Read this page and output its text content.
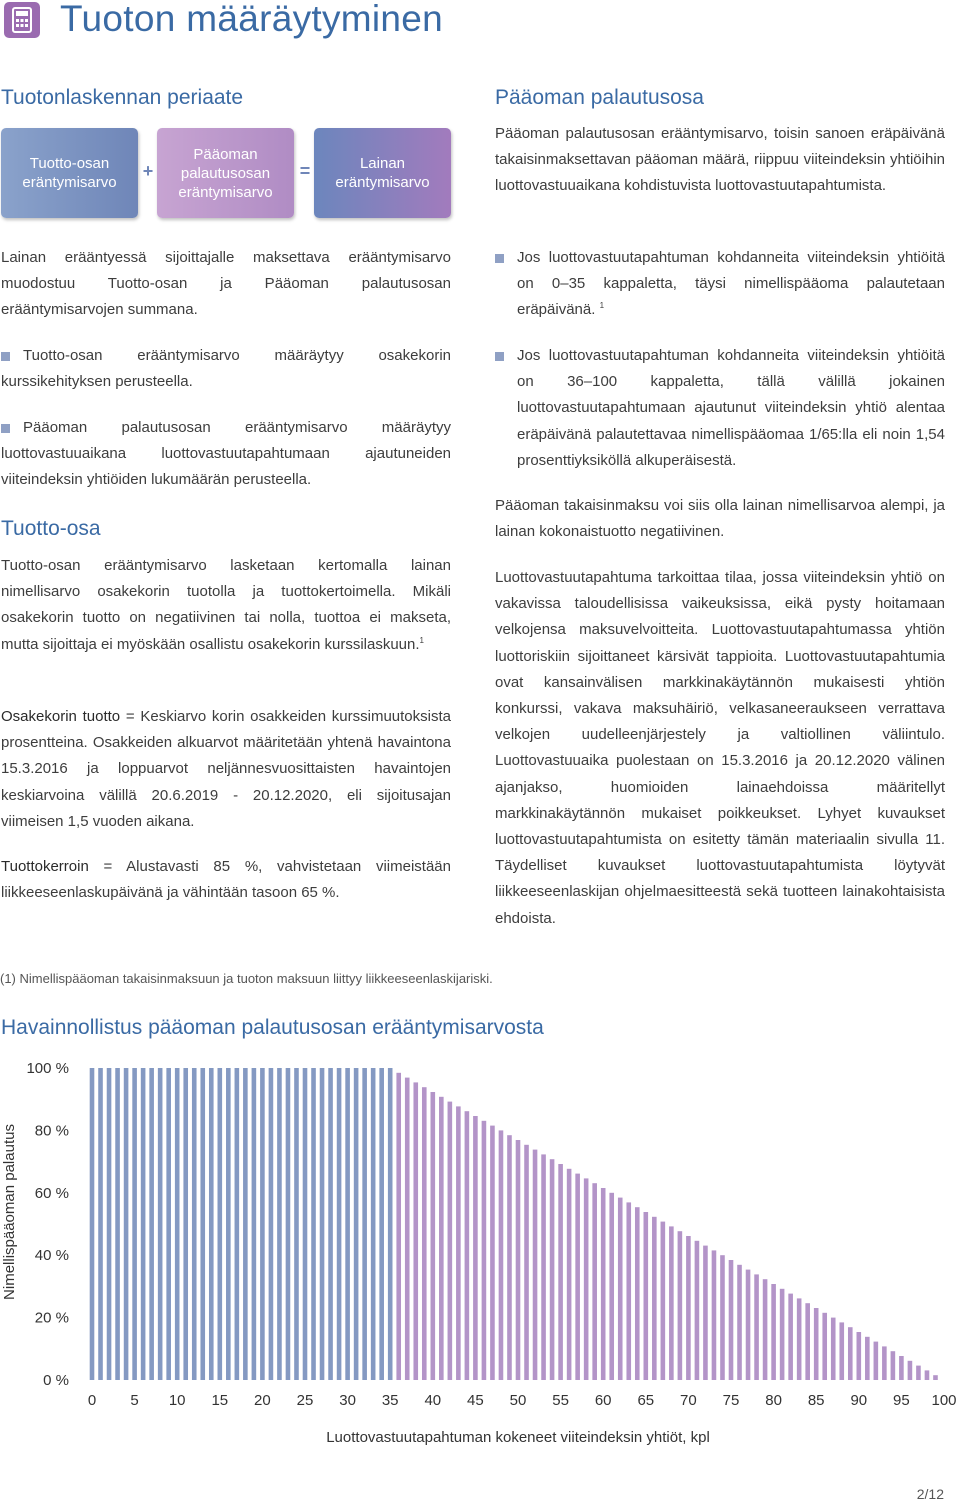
Tuoton määräytyminen
Tuotonlaskennan periaate
Tuotto-osan
eräntymisarvo
+
Pääoman
palautusosan
eräntymisarvo
=	Lainan
eräntymisarvo

Lainan erääntyessä sijoittajalle maksettava erääntymisarvo muodostuu Tuotto-osan ja Pääoman palautusosan erääntymisarvojen summana.

Tuotto-osan erääntymisarvo määräytyy osakekorin kurssikehityksen perusteella.

Pääoman palautusosan erääntymisarvo määräytyy luottovastuuaikana luottovastuutapahtumaan ajautuneiden viiteindeksin yhtiöiden lukumäärän perusteella.

Tuotto-osa

Tuotto-osan erääntymisarvo lasketaan kertomalla lainan nimellisarvo osakekorin tuotolla ja tuottokertoimella. Mikäli osakekorin tuotto on negatiivinen tai nolla, tuottoa ei makseta, mutta sijoittaja ei myöskään osallistu osakekorin kurssilaskuun.$^1$

Osakekorin tuotto = Keskiarvo korin osakkeiden kurssimuutoksista prosentteina. Osakkeiden alkuarvot määritetään yhtenä havaintona 15.3.2016 ja loppuarvot neljännesvuosittaisten havaintojen keskiarvoina välillä 20.6.2019 - 20.12.2020, eli sijoitusajan viimeisen 1,5 vuoden aikana.

Tuottokerroin = Alustavasti 85 %, vahvistetaan viimeistään liikkeeseenlaskupäivänä ja vähintään tasoon 65 %.

Pääoman palautusosa

Pääoman palautusosan erääntymisarvo, toisin sanoen eräpäivänä takaisinmaksettavan pääoman määrä, riippuu viiteindeksin yhtiöihin luottovastuuaikana kohdistuvista luottovastuutapahtumista.

Jos luottovastuutapahtuman kohdanneita viiteindeksin yhtiöitä on 0–35 kappaletta, täysi nimellispääoma palautetaan eräpäivänä. $^1$

Jos luottovastuutapahtuman kohdanneita viiteindeksin yhtiöitä on 36–100 kappaletta, tällä välillä jokainen luottovastuutapahtumaan ajautunut viiteindeksin yhtiö alentaa eräpäivänä palautettavaa nimellispääomaa 1/65:lla eli noin 1,54 prosenttiyksiköllä alkuperäisestä.

Pääoman takaisinmaksu voi siis olla lainan nimellisarvoa alempi, ja lainan kokonaistuotto negatiivinen.

Luottovastuutapahtuma tarkoittaa tilaa, jossa viiteindeksin yhtiö on vakavissa taloudellisissa vaikeuksissa, eikä pysty hoitamaan velkojensa maksuvelvoitteita. Luottovastuutapahtumassa yhtiön luottoriskiin sijoittaneet kärsivät tappioita. Luottovastuutapahtumia ovat kansainvälisen markkinakäytännön mukaisesti yhtiön konkurssi, vakava maksuhäiriö, velkasaneeraukseen verrattava velkojen uudelleenjärjestely ja valtiollinen väliintulo. Luottovastuuaika puolestaan on 15.3.2016 ja 20.12.2020 välinen ajanjakso, huomioiden lainaehdoissa määritellyt markkinakäytännön mukaiset poikkeukset. Lyhyet kuvaukset luottovastuutapahtumista on esitetty tämän materiaalin sivulla 11. Täydelliset kuvaukset luottovastuutapahtumista löytyvät liikkeeseenlaskijan ohjelmaesitteestä sekä tuotteen lainakohtaisista ehdoista.

(1) Nimellispääoman takaisinmaksuun ja tuoton maksuun liittyy liikkeeseenlaskijariski.

Havainnollistus pääoman palautusosan erääntymisarvosta
0 %
20 %
40 %
60 %
80 %
100 %
0 5 10 15 20 25 30 35 40 45 50 55 60 65 70 75 80 85 90 95 100
Nimellispääoman palautus
Luottovastuutapahtuman kokeneet viiteindeksin yhtiöt, kpl
2/12
